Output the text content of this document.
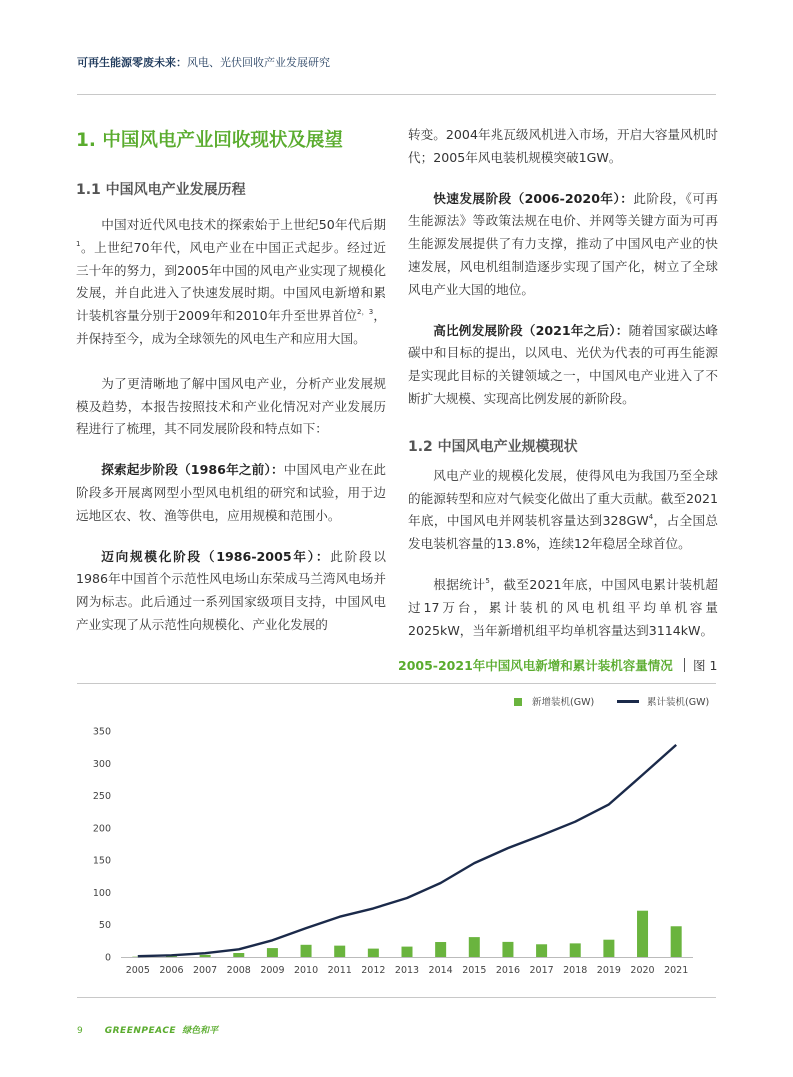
可再生能源零废未来：风电、光伏回收产业发展研究
1. 中国风电产业回收现状及展望
1.1 中国风电产业发展历程

中国对近代风电技术的探索始于上世纪50年代后期$^1$。上世纪70年代，风电产业在中国正式起步。经过近三十年的努力，到2005年中国的风电产业实现了规模化发展，并自此进入了快速发展时期。中国风电新增和累计装机容量分别于2009年和2010年升至世界首位$^{2,3}$，并保持至今，成为全球领先的风电生产和应用大国。

为了更清晰地了解中国风电产业，分析产业发展规模及趋势，本报告按照技术和产业化情况对产业发展历程进行了梳理，其不同发展阶段和特点如下：

探索起步阶段（1986年之前）：中国风电产业在此阶段多开展离网型小型风电机组的研究和试验，用于边远地区农、牧、渔等供电，应用规模和范围小。

迈向规模化阶段（1986-2005年）：此阶段以1986年中国首个示范性风电场山东荣成马兰湾风电场并网为标志。此后通过一系列国家级项目支持，中国风电产业实现了从示范性向规模化、产业化发展的

转变。2004年兆瓦级风机进入市场，开启大容量风机时代；2005年风电装机规模突破1GW。

快速发展阶段（2006-2020年）：此阶段，《可再生能源法》等政策法规在电价、并网等关键方面为可再生能源发展提供了有力支撑，推动了中国风电产业的快速发展，风电机组制造逐步实现了国产化，树立了全球风电产业大国的地位。

高比例发展阶段（2021年之后）：随着国家碳达峰碳中和目标的提出，以风电、光伏为代表的可再生能源是实现此目标的关键领域之一，中国风电产业进入了不断扩大规模、实现高比例发展的新阶段。

1.2 中国风电产业规模现状

风电产业的规模化发展，使得风电为我国乃至全球的能源转型和应对气候变化做出了重大贡献。截至2021年底，中国风电并网装机容量达到$328GW^4$，占全国总发电装机容量的13.8%，连续12年稳居全球首位。

根据统计$^5$，截至2021年底，中国风电累计装机超过17万台，累计装机的风电机组平均单机容量2025kW，当年新增机组平均单机容量达到3114kW。

2005-2021年中国风电新增和累计装机容量情况	图 1
新增装机(GW)	累计装机(GW)
0
50
100
150
200
250
300
350
2005 2006 2007 2008 2009 2010 2011 2012 2013 2014 2015 2016 2017 2018 2019 2020 2021
9 GREENPEACE 绿色和平
